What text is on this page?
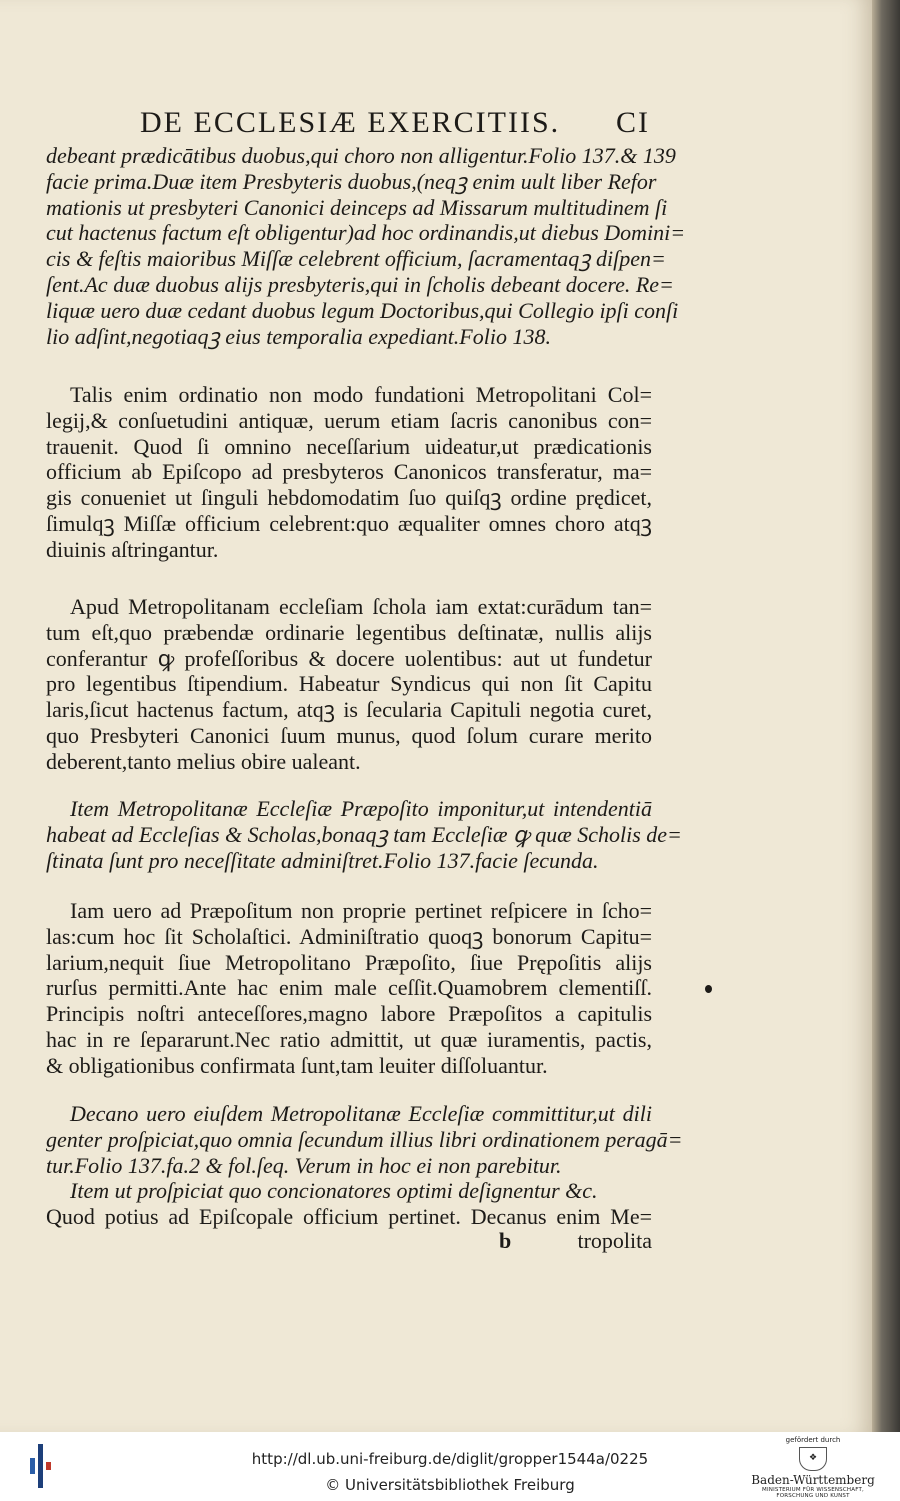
DE ECCLESIÆ EXERCITIIS. CI
debeant prædicātibus duobus,qui choro non alligentur.Folio 137.& 139
facie prima.Duæ item Presbyteris duobus,(neqꝫ enim uult liber Refor
mationis ut presbyteri Canonici deinceps ad Missarum multitudinem ſi
cut hactenus factum eſt obligentur)ad hoc ordinandis,ut diebus Domini=
cis & feſtis maioribus Miſſæ celebrent officium, ſacramentaqꝫ diſpen=
ſent.Ac duæ duobus alijs presbyteris,qui in ſcholis debeant docere. Re=
liquæ uero duæ cedant duobus legum Doctoribus,qui Collegio ipſi conſi
lio adſint,negotiaqꝫ eius temporalia expediant.Folio 138.
Talis enim ordinatio non modo fundationi Metropolitani Col=
legij,& conſuetudini antiquæ, uerum etiam ſacris canonibus con=
trauenit. Quod ſi omnino neceſſarium uideatur,ut prædicationis
officium ab Epiſcopo ad presbyteros Canonicos transferatur, ma=
gis conueniet ut ſinguli hebdomodatim ſuo quiſqꝫ ordine prędicet,
ſimulqꝫ Miſſæ officium celebrent:quo æqualiter omnes choro atqꝫ
diuinis aſtringantur.
Apud Metropolitanam eccleſiam ſchola iam extat:curādum tan=
tum eſt,quo præbendæ ordinarie legentibus deſtinatæ, nullis alijs
conferantur ꝙ profeſſoribus & docere uolentibus: aut ut fundetur
pro legentibus ſtipendium. Habeatur Syndicus qui non ſit Capitu
laris,ſicut hactenus factum, atqꝫ is ſecularia Capituli negotia curet,
quo Presbyteri Canonici ſuum munus, quod ſolum curare merito
deberent,tanto melius obire ualeant.
Item Metropolitanæ Eccleſiæ Præpoſito imponitur,ut intendentiā
habeat ad Eccleſias & Scholas,bonaqꝫ tam Eccleſiæ ꝙ quæ Scholis de=
ſtinata ſunt pro neceſſitate adminiſtret.Folio 137.facie ſecunda.
Iam uero ad Præpoſitum non proprie pertinet reſpicere in ſcho=
las:cum hoc ſit Scholaſtici. Adminiſtratio quoqꝫ bonorum Capitu=
larium,nequit ſiue Metropolitano Præpoſito, ſiue Prępoſitis alijs
rurſus permitti.Ante hac enim male ceſſit.Quamobrem clementiſſ.
Principis noſtri anteceſſores,magno labore Præpoſitos a capitulis
hac in re ſepararunt.Nec ratio admittit, ut quæ iuramentis, pactis,
& obligationibus confirmata ſunt,tam leuiter diſſoluantur.
Decano uero eiuſdem Metropolitanæ Eccleſiæ committitur,ut dili
genter proſpiciat,quo omnia ſecundum illius libri ordinationem peragā=
tur.Folio 137.fa.2 & fol.ſeq. Verum in hoc ei non parebitur.
Item ut proſpiciat quo concionatores optimi deſignentur &c.
Quod potius ad Epiſcopale officium pertinet. Decanus enim Me=
b	tropolita
http://dl.ub.uni-freiburg.de/diglit/gropper1544a/0225
© Universitätsbibliothek Freiburg
gefördert durch
❖
Baden-Württemberg
MINISTERIUM FÜR WISSENSCHAFT, FORSCHUNG UND KUNST
